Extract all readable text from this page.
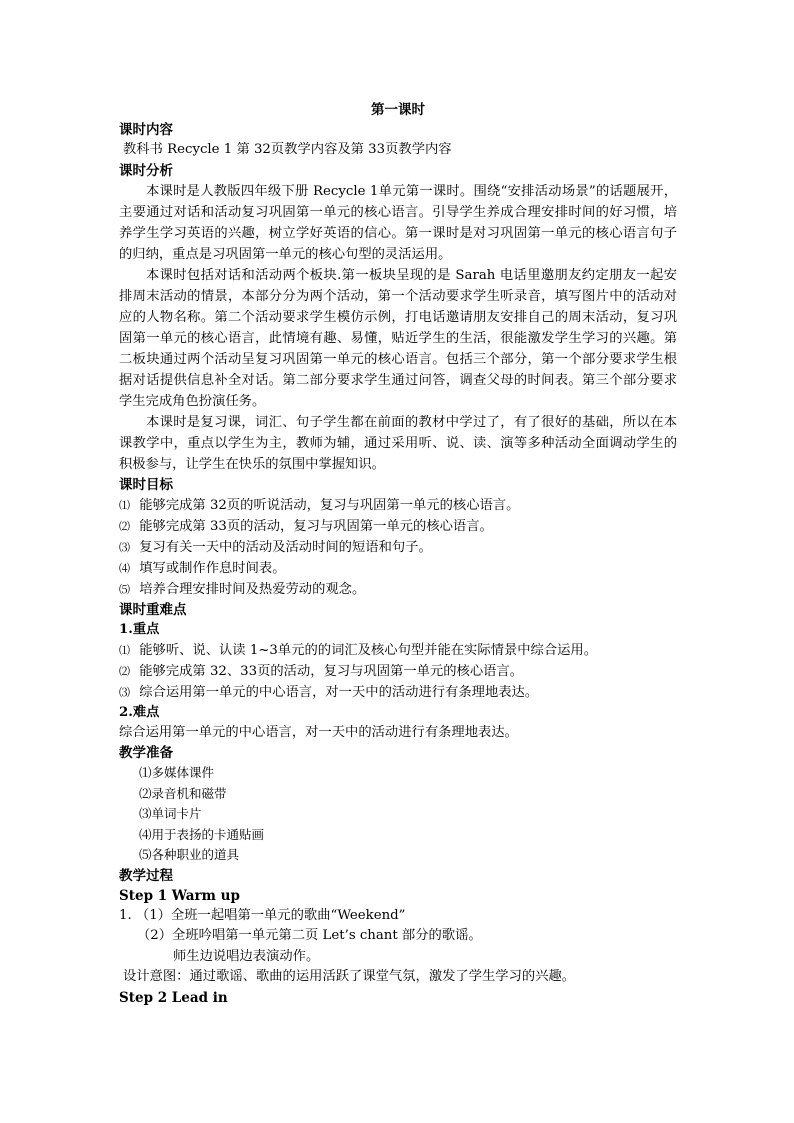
第一课时
课时内容
教科书 Recycle 1 第 32页教学内容及第 33页教学内容
课时分析
本课时是人教版四年级下册 Recycle 1单元第一课时。围绕“安排活动场景”的话题展开，主要通过对话和活动复习巩固第一单元的核心语言。引导学生养成合理安排时间的好习惯，培养学生学习英语的兴趣，树立学好英语的信心。第一课时是对习巩固第一单元的核心语言句子的归纳，重点是习巩固第一单元的核心句型的灵活运用。
本课时包括对话和活动两个板块.第一板块呈现的是 Sarah 电话里邀朋友约定朋友一起安排周末活动的情景，本部分分为两个活动，第一个活动要求学生听录音，填写图片中的活动对应的人物名称。第二个活动要求学生模仿示例，打电话邀请朋友安排自己的周末活动，复习巩固第一单元的核心语言，此情境有趣、易懂，贴近学生的生活，很能激发学生学习的兴趣。第二板块通过两个活动呈复习巩固第一单元的核心语言。包括三个部分，第一个部分要求学生根据对话提供信息补全对话。第二部分要求学生通过问答，调查父母的时间表。第三个部分要求学生完成角色扮演任务。
本课时是复习课，词汇、句子学生都在前面的教材中学过了，有了很好的基础，所以在本课教学中，重点以学生为主，教师为辅，通过采用听、说、读、演等多种活动全面调动学生的积极参与，让学生在快乐的氛围中掌握知识。
课时目标
⑴ 能够完成第 32页的听说活动，复习与巩固第一单元的核心语言。
⑵ 能够完成第 33页的活动，复习与巩固第一单元的核心语言。
⑶ 复习有关一天中的活动及活动时间的短语和句子。
⑷ 填写或制作作息时间表。
⑸ 培养合理安排时间及热爱劳动的观念。
课时重难点
1.重点
⑴ 能够听、说、认读 1~3单元的的词汇及核心句型并能在实际情景中综合运用。
⑵ 能够完成第 32、33页的活动，复习与巩固第一单元的核心语言。
⑶ 综合运用第一单元的中心语言，对一天中的活动进行有条理地表达。
2.难点
综合运用第一单元的中心语言，对一天中的活动进行有条理地表达。
教学准备
⑴多媒体课件
⑵录音机和磁带
⑶单词卡片
⑷用于表扬的卡通贴画
⑸各种职业的道具
教学过程
Step 1 Warm up
1. （1）全班一起唱第一单元的歌曲“Weekend”
（2）全班吟唱第一单元第二页 Let’s chant 部分的歌谣。
师生边说唱边表演动作。
设计意图：通过歌谣、歌曲的运用活跃了课堂气氛，激发了学生学习的兴趣。
Step 2 Lead in
